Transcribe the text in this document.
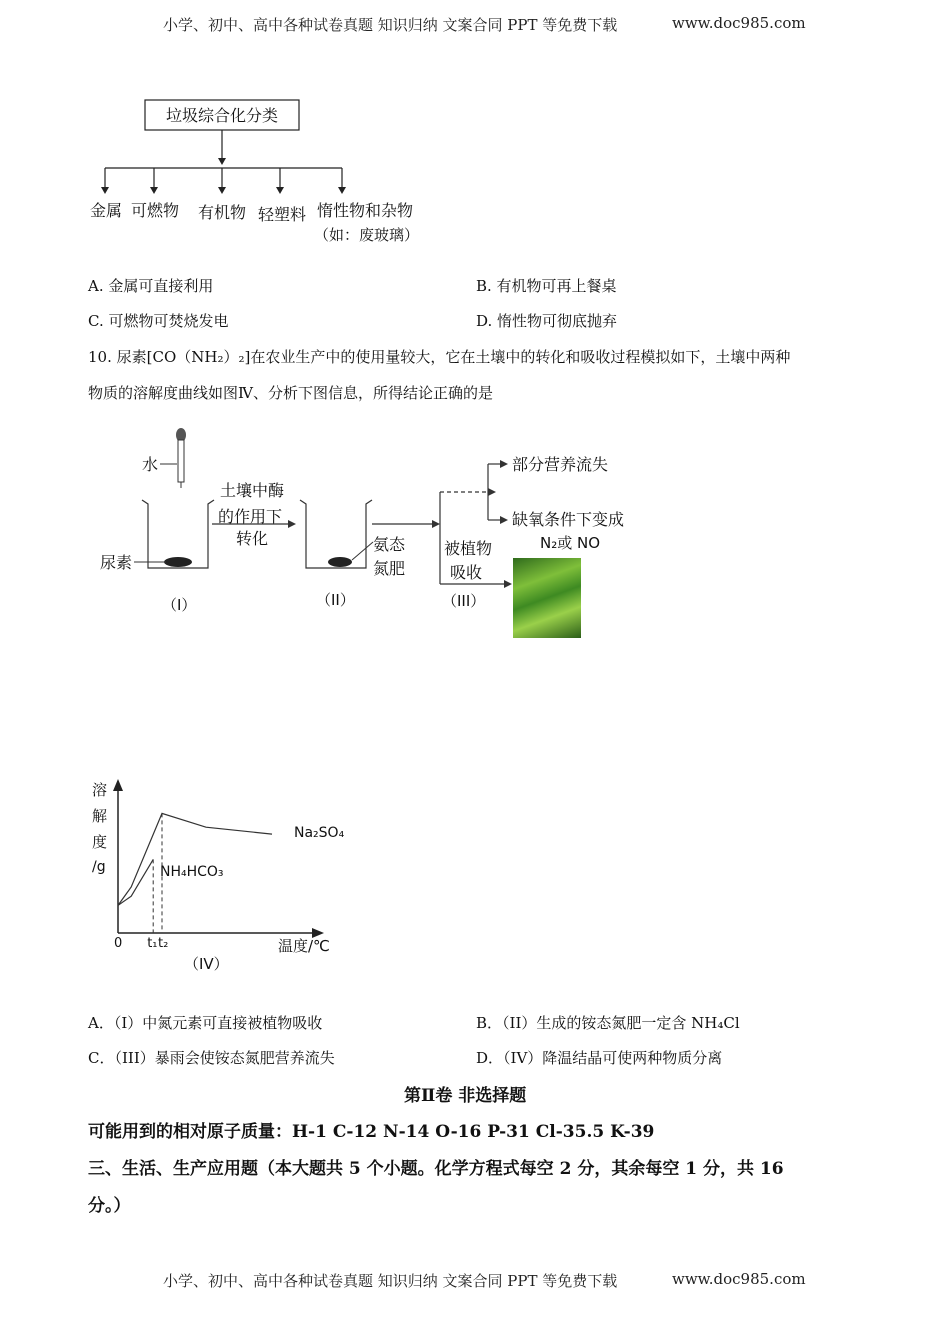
小学、初中、高中各种试卷真题 知识归纳 文案合同 PPT 等免费下载	www.doc985.com
垃圾综合化分类
金属 可燃物 有机物 轻塑料 惰性物和杂物
（如：废玻璃）
A. 金属可直接利用	B. 有机物可再上餐桌
C. 可燃物可焚烧发电	D. 惰性物可彻底抛弃
10. 尿素[CO（NH₂）₂]在农业生产中的使用量较大，它在土壤中的转化和吸收过程模拟如下，土壤中两种
物质的溶解度曲线如图Ⅳ、分析下图信息，所得结论正确的是
水
尿素
（I）
土壤中酶
的作用下
转化
（II）
氨态
氮肥
部分营养流失
缺氧条件下变成
N₂或 NO
被植物
吸收
（III）
溶
解
度
/g
Na₂SO₄
NH₄HCO₃
0 t₁ t₂	温度/℃
（IV）
A．（Ⅰ）中氮元素可直接被植物吸收	B．（II）生成的铵态氮肥一定含 NH₄Cl
C．（III）暴雨会使铵态氮肥营养流失	D．（IV）降温结晶可使两种物质分离
第Ⅱ卷 非选择题
可能用到的相对原子质量：H-1 C-12 N-14 O-16 P-31 Cl-35.5 K-39
三、生活、生产应用题（本大题共 5 个小题。化学方程式每空 2 分，其余每空 1 分，共 16
分。）
小学、初中、高中各种试卷真题 知识归纳 文案合同 PPT 等免费下载	www.doc985.com
